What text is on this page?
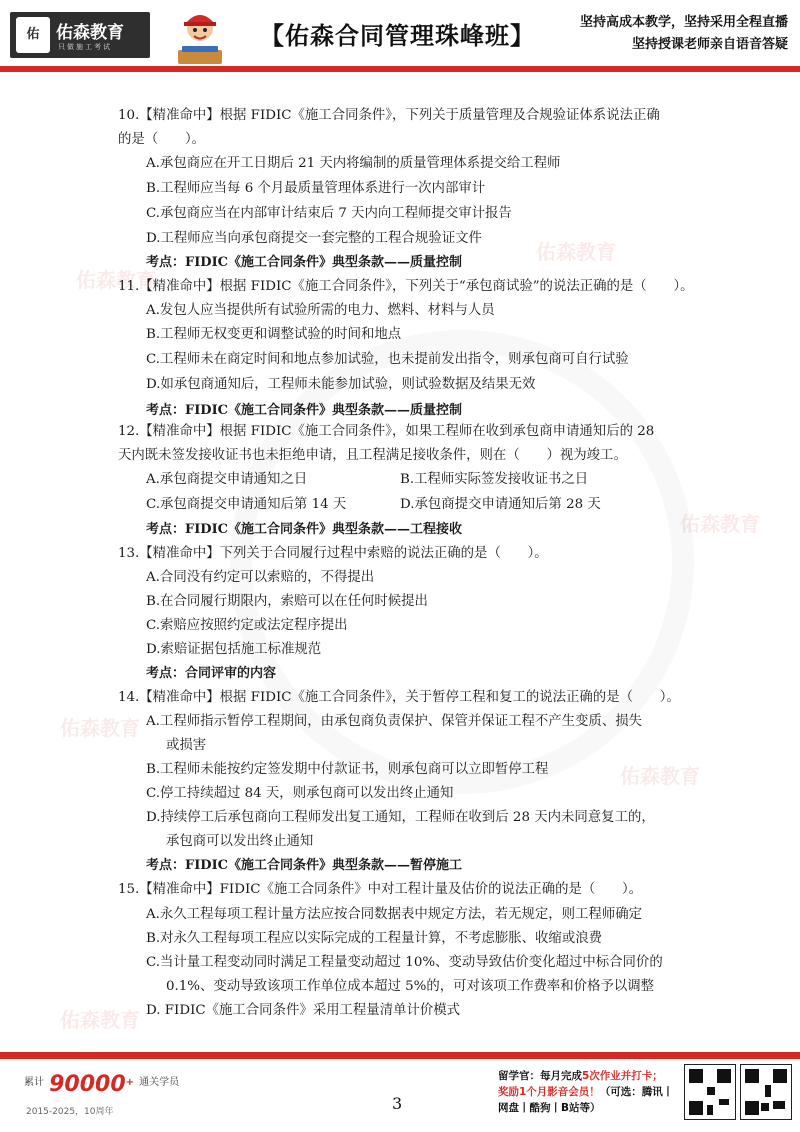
佑 佑森教育
只做施工考试	【佑森合同管理珠峰班】	坚持高成本教学，坚持采用全程直播
坚持授课老师亲自语音答疑
佑森教育
佑森教育
佑森教育
佑森教育
佑森教育
佑森教育
10.【精准命中】根据 FIDIC《施工合同条件》，下列关于质量管理及合规验证体系说法正确
的是（　　）。
A.承包商应在开工日期后 21 天内将编制的质量管理体系提交给工程师
B.工程师应当每 6 个月最质量管理体系进行一次内部审计
C.承包商应当在内部审计结束后 7 天内向工程师提交审计报告
D.工程师应当向承包商提交一套完整的工程合规验证文件
考点：FIDIC《施工合同条件》典型条款——质量控制
11.【精准命中】根据 FIDIC《施工合同条件》，下列关于“承包商试验”的说法正确的是（　　）。
A.发包人应当提供所有试验所需的电力、燃料、材料与人员
B.工程师无权变更和调整试验的时间和地点
C.工程师未在商定时间和地点参加试验，也未提前发出指令，则承包商可自行试验
D.如承包商通知后，工程师未能参加试验，则试验数据及结果无效
考点：FIDIC《施工合同条件》典型条款——质量控制
12.【精准命中】根据 FIDIC《施工合同条件》，如果工程师在收到承包商申请通知后的 28
天内既未签发接收证书也未拒绝申请，且工程满足接收条件，则在（　　）视为竣工。
A.承包商提交申请通知之日	B.工程师实际签发接收证书之日
C.承包商提交申请通知后第 14 天	D.承包商提交申请通知后第 28 天
考点：FIDIC《施工合同条件》典型条款——工程接收
13.【精准命中】下列关于合同履行过程中索赔的说法正确的是（　　）。
A.合同没有约定可以索赔的，不得提出
B.在合同履行期限内，索赔可以在任何时候提出
C.索赔应按照约定或法定程序提出
D.索赔证据包括施工标准规范
考点：合同评审的内容
14.【精准命中】根据 FIDIC《施工合同条件》，关于暂停工程和复工的说法正确的是（　　）。
A.工程师指示暂停工程期间，由承包商负责保护、保管并保证工程不产生变质、损失
或损害
B.工程师未能按约定签发期中付款证书，则承包商可以立即暂停工程
C.停工持续超过 84 天，则承包商可以发出终止通知
D.持续停工后承包商向工程师发出复工通知，工程师在收到后 28 天内未同意复工的，
承包商可以发出终止通知
考点：FIDIC《施工合同条件》典型条款——暂停施工
15.【精准命中】FIDIC《施工合同条件》中对工程计量及估价的说法正确的是（　　）。
A.永久工程每项工程计量方法应按合同数据表中规定方法，若无规定，则工程师确定
B.对永久工程每项工程应以实际完成的工程量计算，不考虑膨胀、收缩或浪费
C.当计量工程变动同时满足工程量变动超过 10%、变动导致估价变化超过中标合同价的
0.1%、变动导致该项工作单位成本超过 5%的，可对该项工作费率和价格予以调整
D. FIDIC《施工合同条件》采用工程量清单计价模式
$^{累计}$ 90000+ $^{通关学员}$
2015-2025，10周年	3
留学官：每月完成5次作业并打卡；
奖励1个月影音会员！（可选：腾讯丨网盘丨酷狗丨B站等）
